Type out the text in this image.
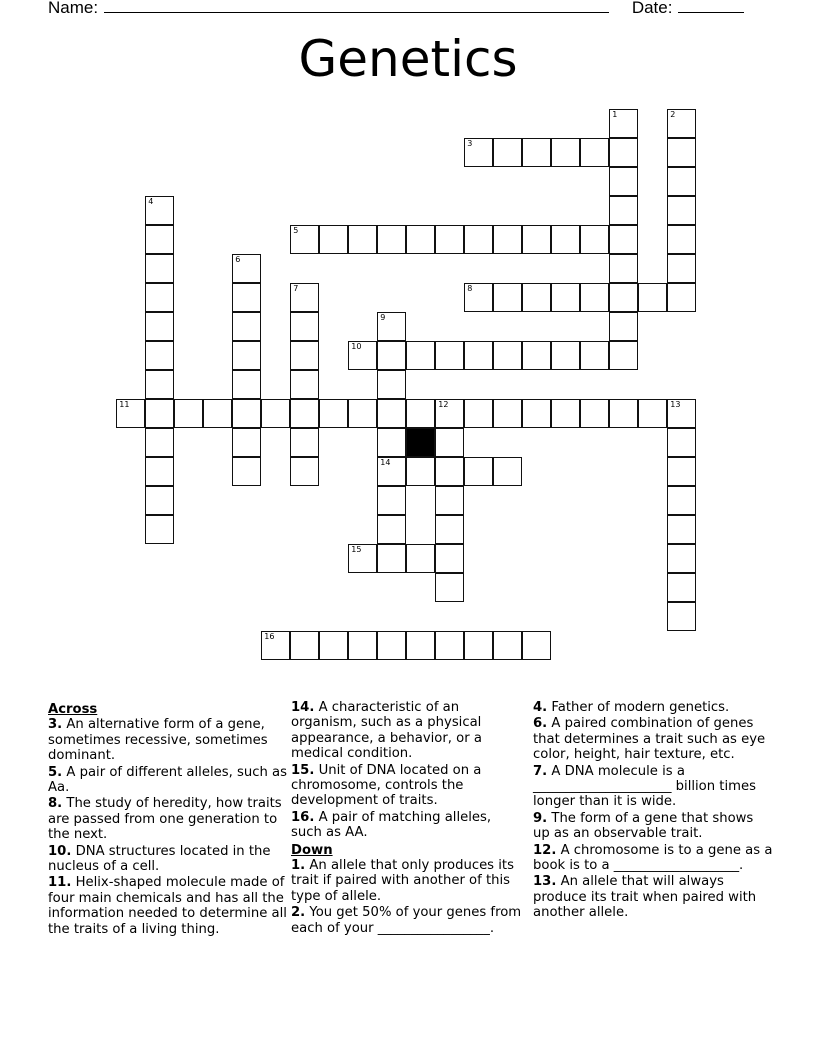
Name:	Date:
Genetics
1	2
3
4
5
6
7	8
9
14
10
11	12	13
15
16
Across
3. An alternative form of a gene, sometimes recessive, sometimes dominant.
5. A pair of different alleles, such as Aa.
8. The study of heredity, how traits are passed from one generation to the next.
10. DNA structures located in the nucleus of a cell.
11. Helix-shaped molecule made of four main chemicals and has all the information needed to determine all the traits of a living thing.
14. A characteristic of an organism, such as a physical appearance, a behavior, or a medical condition.
15. Unit of DNA located on a chromosome, controls the development of traits.
16. A pair of matching alleles, such as AA.
Down
1. An allele that only produces its trait if paired with another of this type of allele.
2. You get 50% of your genes from each of your _________________.
4. Father of modern genetics.
6. A paired combination of genes that determines a trait such as eye color, height, hair texture, etc.
7. A DNA molecule is a _____________________ billion times longer than it is wide.
9. The form of a gene that shows up as an observable trait.
12. A chromosome is to a gene as a book is to a ___________________.
13. An allele that will always produce its trait when paired with another allele.
